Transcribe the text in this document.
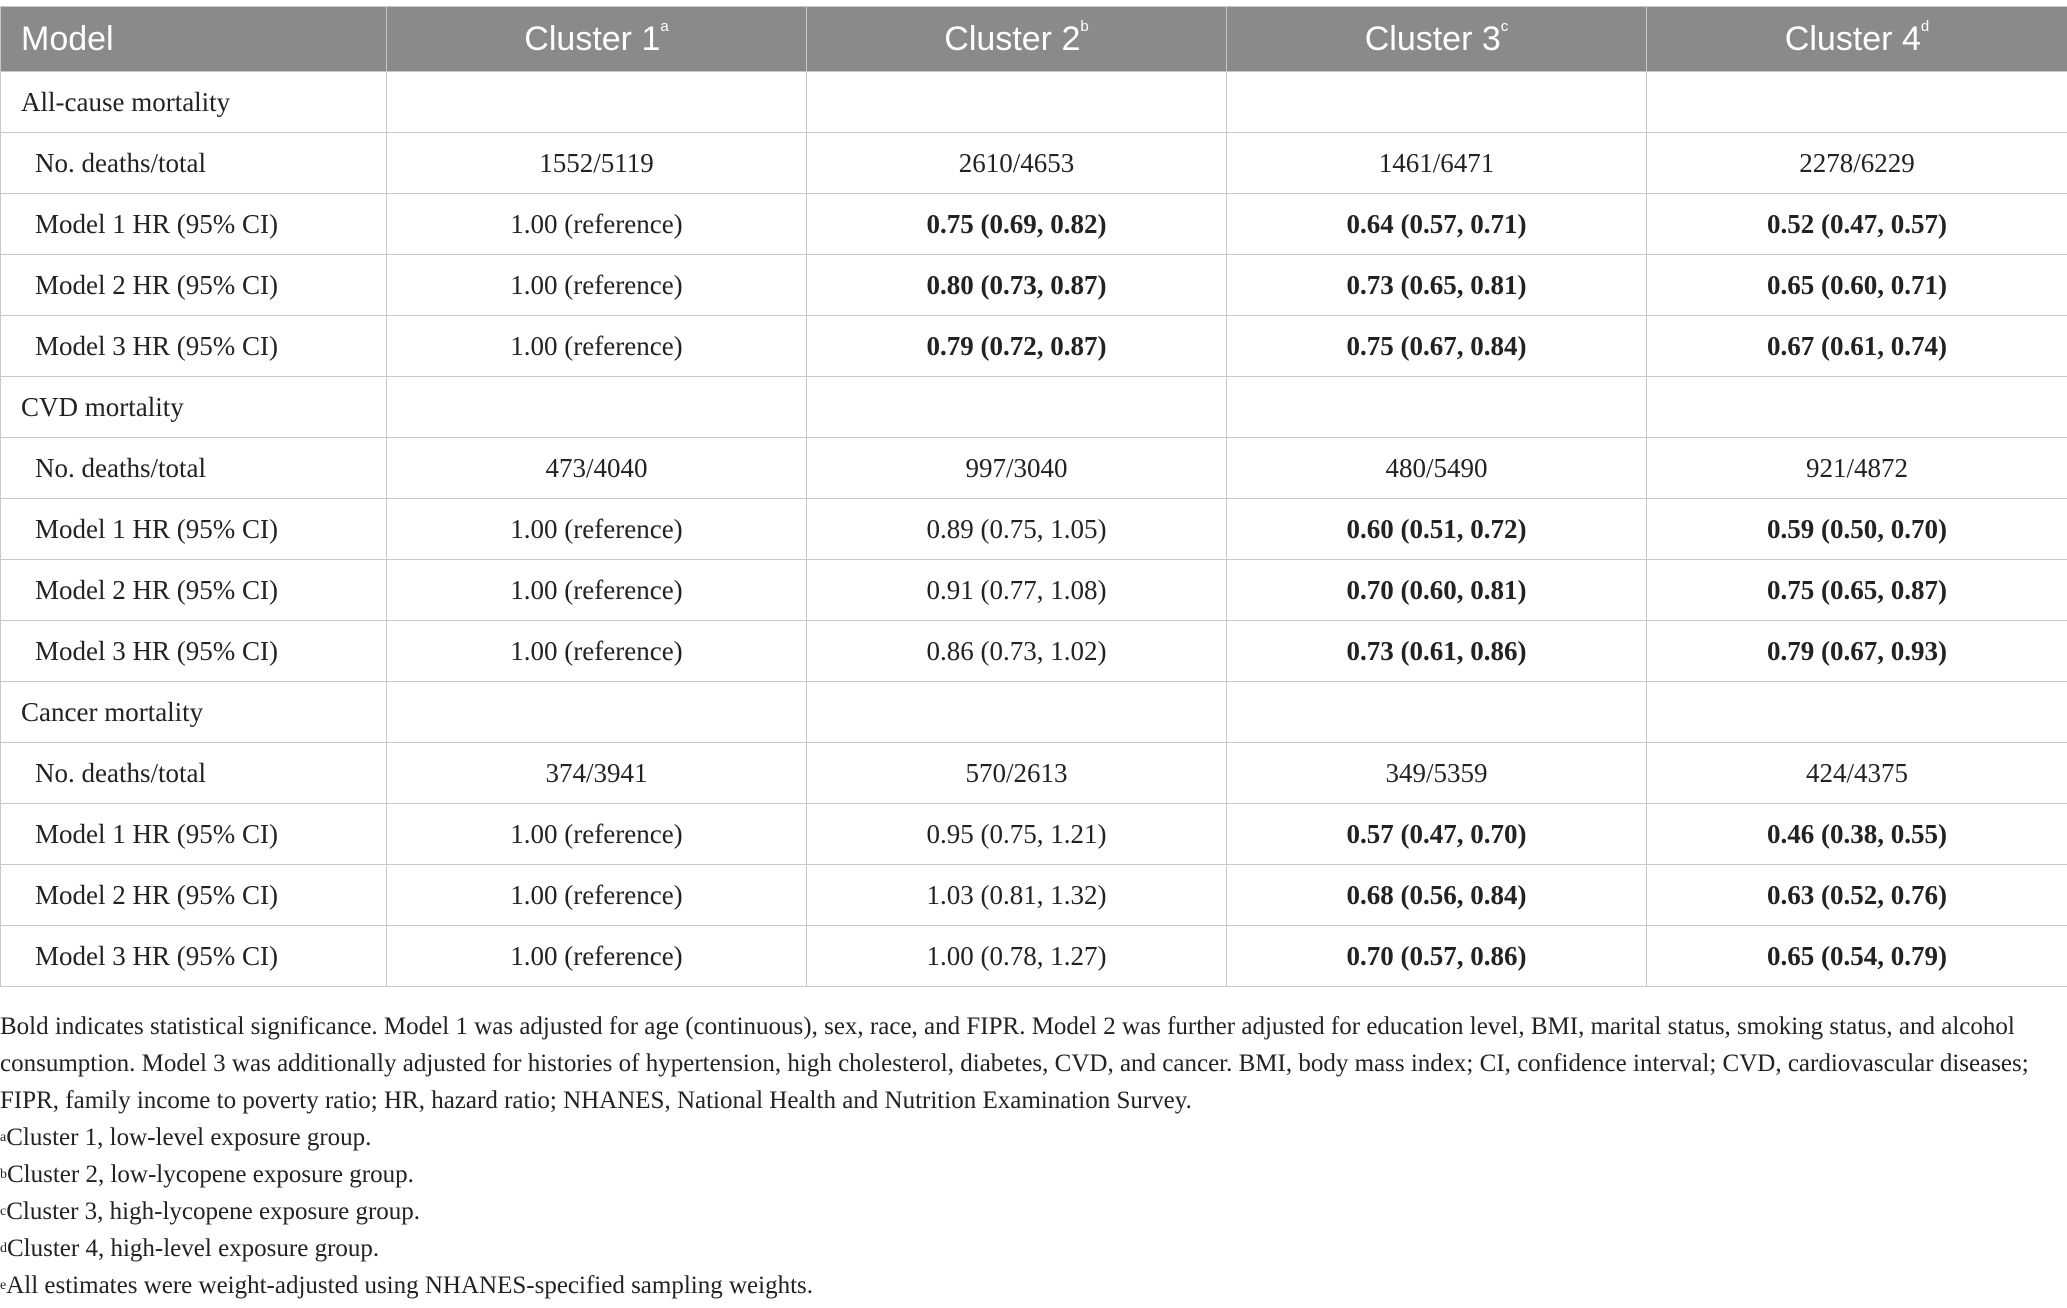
Model	Cluster 1$^a$	Cluster 2$^b$	Cluster 3$^c$	Cluster 4$^d$
All-cause mortality				
No. deaths/total	1552/5119	2610/4653	1461/6471	2278/6229
Model 1 HR (95% CI)	1.00 (reference)	0.75 (0.69, 0.82)	0.64 (0.57, 0.71)	0.52 (0.47, 0.57)
Model 2 HR (95% CI)	1.00 (reference)	0.80 (0.73, 0.87)	0.73 (0.65, 0.81)	0.65 (0.60, 0.71)
Model 3 HR (95% CI)	1.00 (reference)	0.79 (0.72, 0.87)	0.75 (0.67, 0.84)	0.67 (0.61, 0.74)
CVD mortality				
No. deaths/total	473/4040	997/3040	480/5490	921/4872
Model 1 HR (95% CI)	1.00 (reference)	0.89 (0.75, 1.05)	0.60 (0.51, 0.72)	0.59 (0.50, 0.70)
Model 2 HR (95% CI)	1.00 (reference)	0.91 (0.77, 1.08)	0.70 (0.60, 0.81)	0.75 (0.65, 0.87)
Model 3 HR (95% CI)	1.00 (reference)	0.86 (0.73, 1.02)	0.73 (0.61, 0.86)	0.79 (0.67, 0.93)
Cancer mortality				
No. deaths/total	374/3941	570/2613	349/5359	424/4375
Model 1 HR (95% CI)	1.00 (reference)	0.95 (0.75, 1.21)	0.57 (0.47, 0.70)	0.46 (0.38, 0.55)
Model 2 HR (95% CI)	1.00 (reference)	1.03 (0.81, 1.32)	0.68 (0.56, 0.84)	0.63 (0.52, 0.76)
Model 3 HR (95% CI)	1.00 (reference)	1.00 (0.78, 1.27)	0.70 (0.57, 0.86)	0.65 (0.54, 0.79)

Bold indicates statistical significance. Model 1 was adjusted for age (continuous), sex, race, and FIPR. Model 2 was further adjusted for education level, BMI, marital status, smoking status, and alcohol consumption. Model 3 was additionally adjusted for histories of hypertension, high cholesterol, diabetes, CVD, and cancer. BMI, body mass index; CI, confidence interval; CVD, cardiovascular diseases; FIPR, family income to poverty ratio; HR, hazard ratio; NHANES, National Health and Nutrition Examination Survey.

$^a$Cluster 1, low-level exposure group.

$^b$Cluster 2, low-lycopene exposure group.

$^c$Cluster 3, high-lycopene exposure group.

$^d$Cluster 4, high-level exposure group.

$^e$All estimates were weight-adjusted using NHANES-specified sampling weights.
